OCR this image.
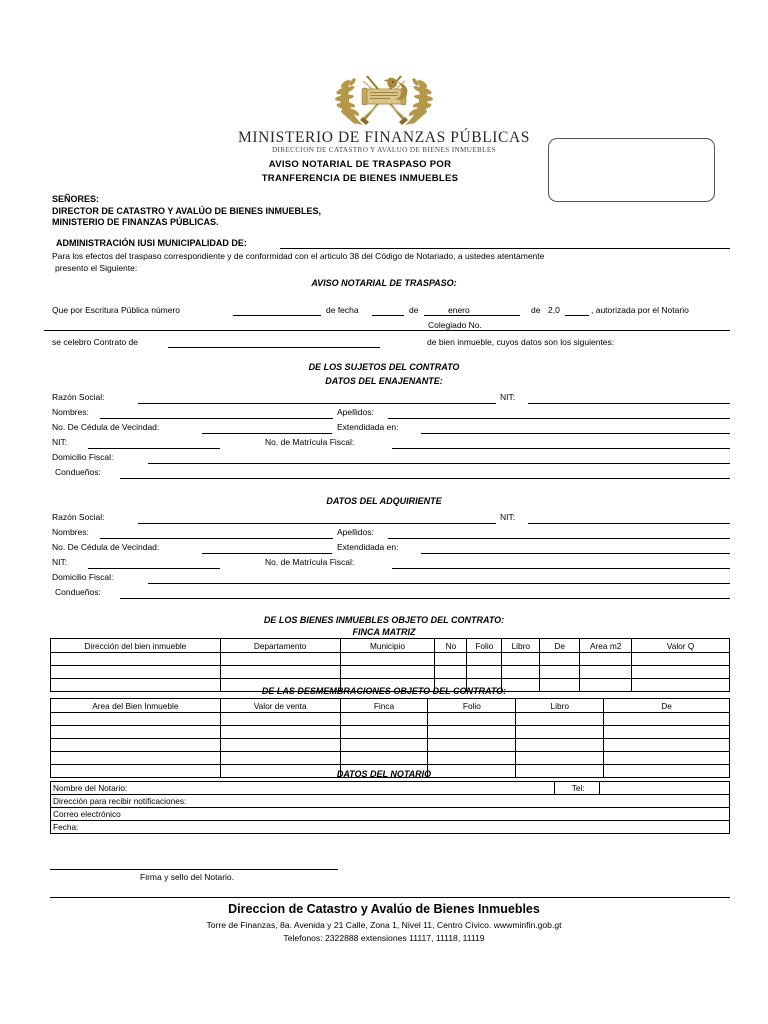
MINISTERIO DE FINANZAS PÚBLICAS
DIRECCION DE CATASTRO Y AVALUO DE BIENES INMUEBLES
AVISO NOTARIAL DE TRASPASO POR
TRANFERENCIA DE BIENES INMUEBLES
SEÑORES:
DIRECTOR DE CATASTRO Y AVALÚO DE BIENES INMUEBLES,
MINISTERIO DE FINANZAS PÚBLICAS.
ADMINISTRACIÓN IUSI MUNICIPALIDAD DE:
Para los efectos del traspaso correspondiente y de conformidad con el articulo 38 del Código de Notariado, a ustedes atentamente
presento el Siguiente:
AVISO NOTARIAL DE TRASPASO:
Que por Escritura Pública número	de fecha	de	enero	de 2,0	, autorizada por el Notario
Colegiado No.
se celebro Contrato de	de bien inmueble, cuyos datos son los siguientes:
DE LOS SUJETOS DEL CONTRATO
DATOS DEL ENAJENANTE:
Razón Social:	NIT:
Nombres:	Apellidos:
No. De Cédula de Vecindad:	Extendidada en:
NIT:	No. de Matrícula Fiscal:
Domicilio Fiscal:
Condueños:
DATOS DEL ADQUIRIENTE
Razón Social:	NIT:
Nombres:	Apellidos:
No. De Cédula de Vecindad:	Extendidada en:
NIT:	No. de Matrícula Fiscal:
Domicilio Fiscal:
Condueños:
DE LOS BIENES INMUEBLES OBJETO DEL CONTRATO:
FINCA MATRIZ
Dirección del bien inmueble	Departamento	Municipio	No	Folio	Libro	De	Area m2	Valor Q

DE LAS DESMEMBRACIONES OBJETO DEL CONTRATO:
Area del Bien Inmueble	Valor de venta	Finca	Folio	Libro	De

DATOS DEL NOTARIO
Nombre del Notario:	Tel:	
Dirección para recibir notificaciones:
Correo electrónico
Fecha:
Firma y sello del Notario.
Direccion de Catastro y Avalúo de Bienes Inmuebles
Torre de Finanzas, 8a. Avenida y 21 Calle, Zona 1, Nivel 11, Centro Cívico. wwwminfin.gob.gt
Telefonos: 2322888 extensiones 11117, 11118, 11119
